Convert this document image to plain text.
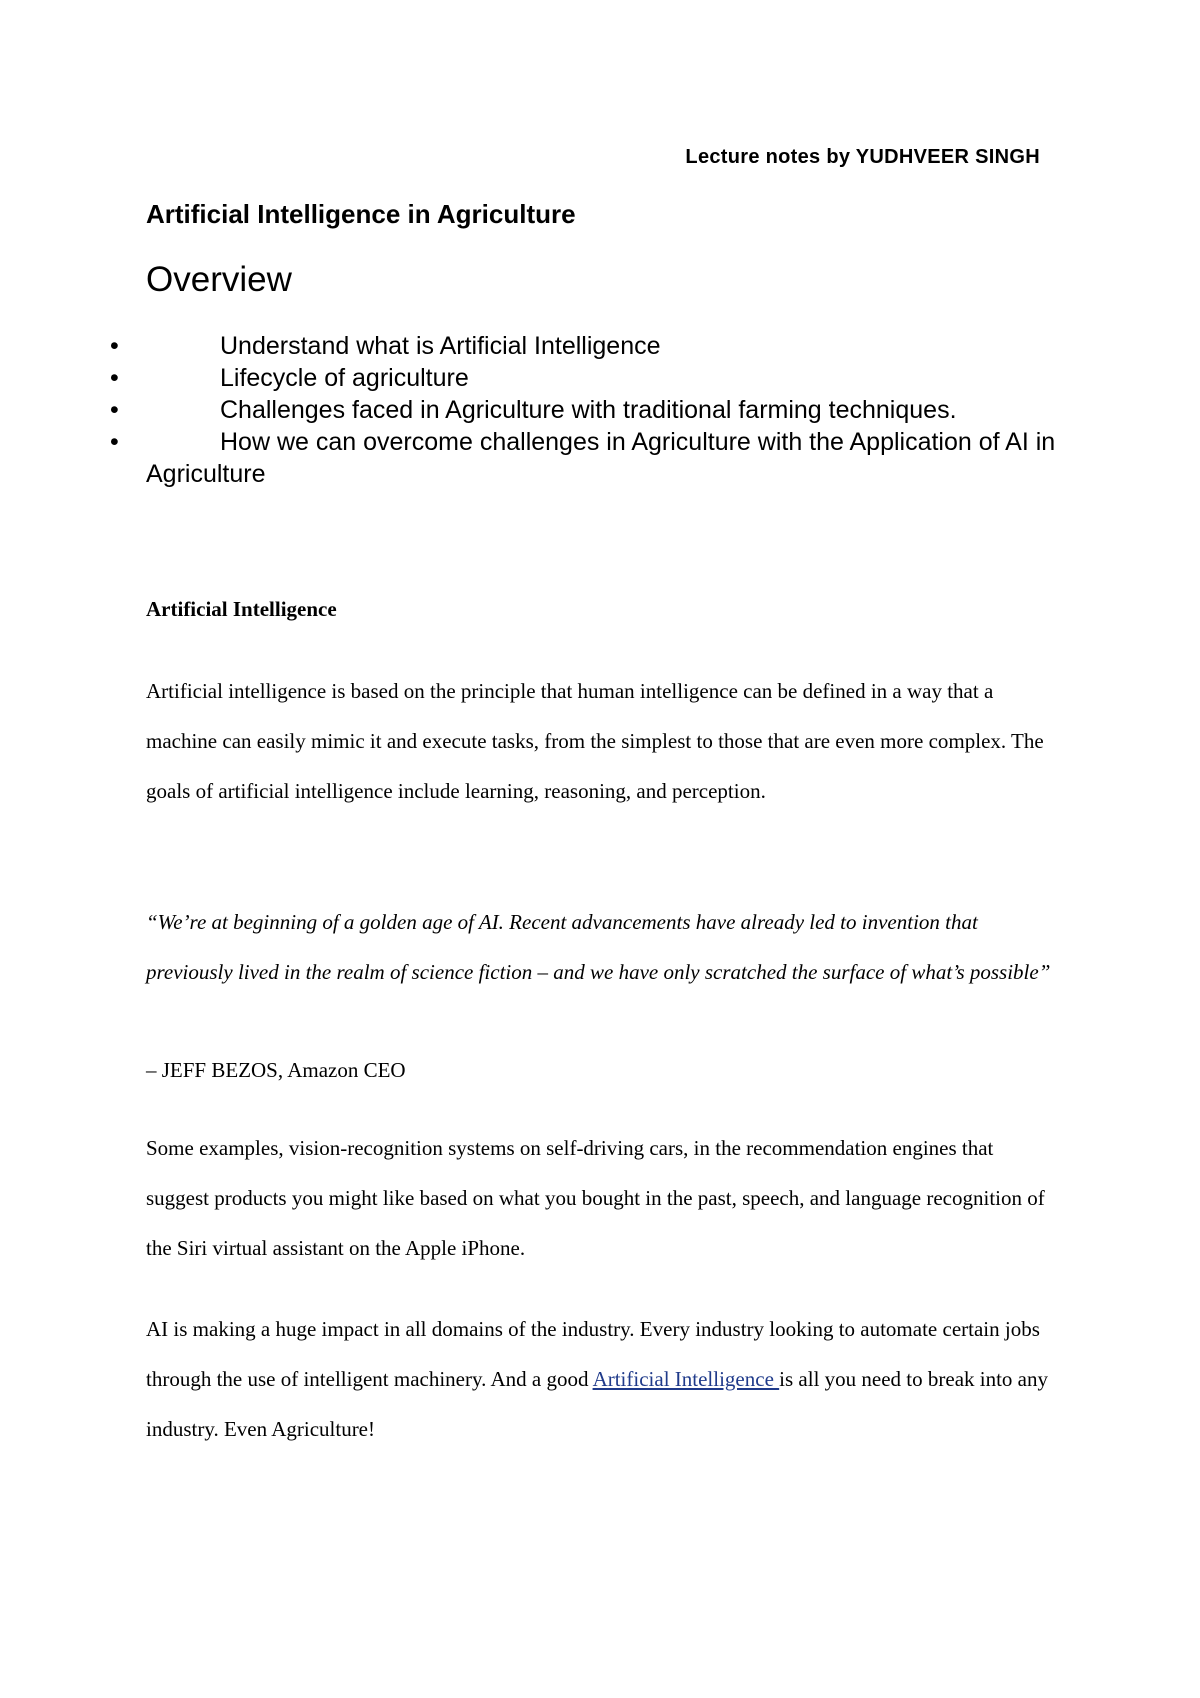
Lecture notes by YUDHVEER SINGH
Artificial Intelligence in Agriculture
Overview
•	Understand what is Artificial Intelligence
•	Lifecycle of agriculture
•	Challenges faced in Agriculture with traditional farming techniques.
•	How we can overcome challenges in Agriculture with the Application of AI in Agriculture
Artificial Intelligence

Artificial intelligence is based on the principle that human intelligence can be defined in a way that a machine can easily mimic it and execute tasks, from the simplest to those that are even more complex. The goals of artificial intelligence include learning, reasoning, and perception.

“We’re at beginning of a golden age of AI. Recent advancements have already led to invention that previously lived in the realm of science fiction – and we have only scratched the surface of what’s possible”

– JEFF BEZOS, Amazon CEO

Some examples, vision-recognition systems on self-driving cars, in the recommendation engines that suggest products you might like based on what you bought in the past, speech, and language recognition of the Siri virtual assistant on the Apple iPhone.

AI is making a huge impact in all domains of the industry. Every industry looking to automate certain jobs through the use of intelligent machinery. And a good Artificial Intelligence is all you need to break into any industry. Even Agriculture!
